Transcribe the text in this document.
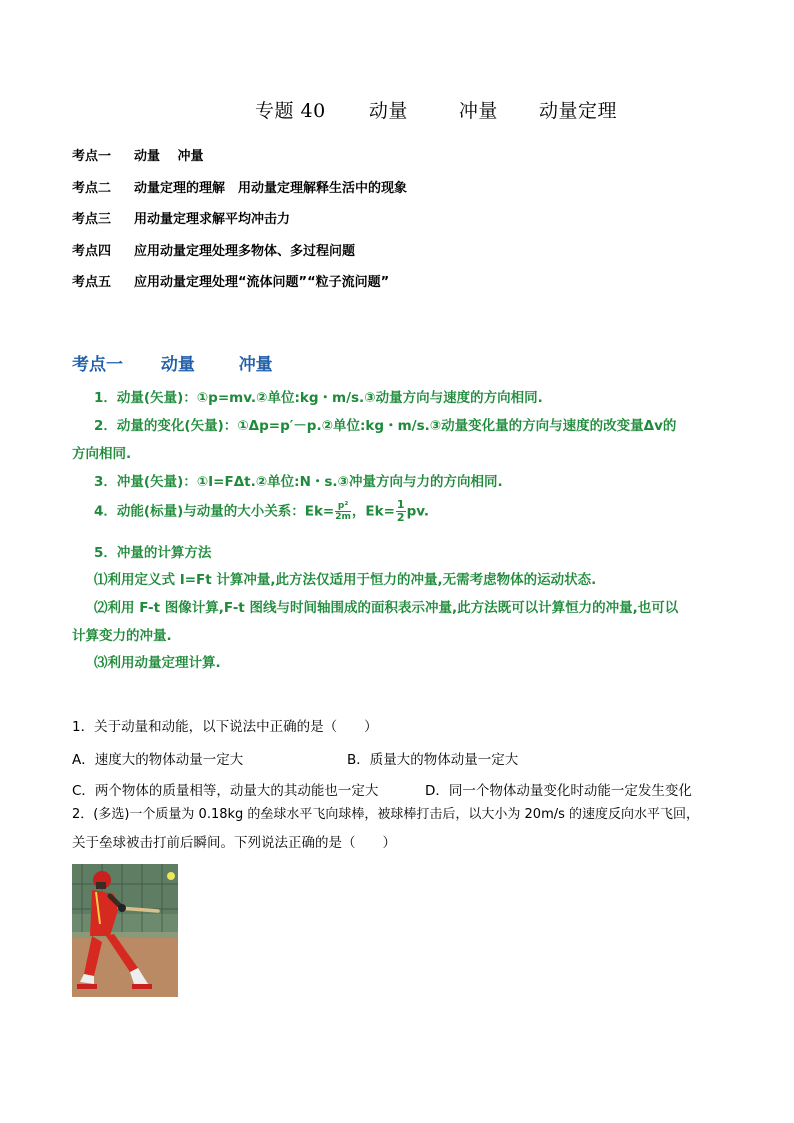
专题 40 动量	冲量 动量定理
考点一 动量　 冲量
考点二 动量定理的理解　用动量定理解释生活中的现象
考点三 用动量定理求解平均冲击力
考点四 应用动量定理处理多物体、多过程问题
考点五 应用动量定理处理“流体问题”“粒子流问题”
考点一 动量	冲量
1．动量(矢量)：①p=mv.②单位:kg・m/s.③动量方向与速度的方向相同.
2．动量的变化(矢量)：①Δp=p′－p.②单位:kg・m/s.③动量变化量的方向与速度的改变量Δv的
方向相同.
3．冲量(矢量)：①I=FΔt.②单位:N・s.③冲量方向与力的方向相同.
4．动能(标量)与动量的大小关系：$Ek= \frac{\text{p²}}{2m}$ ，$Ek= \frac{1}{2}$ pv.
5．冲量的计算方法
⑴利用定义式 I=Ft 计算冲量,此方法仅适用于恒力的冲量,无需考虑物体的运动状态.
⑵利用 F-t 图像计算,F-t 图线与时间轴围成的面积表示冲量,此方法既可以计算恒力的冲量,也可以
计算变力的冲量.
⑶利用动量定理计算.
1．关于动量和动能，以下说法中正确的是（　　）
A．速度大的物体动量一定大	B．质量大的物体动量一定大
C．两个物体的质量相等，动量大的其动能也一定大	D．同一个物体动量变化时动能一定发生变化
2．(多选)一个质量为 0.18kg 的垒球水平飞向球棒，被球棒打击后，以大小为 20m/s 的速度反向水平飞回，
关于垒球被击打前后瞬间。下列说法正确的是（　　）
